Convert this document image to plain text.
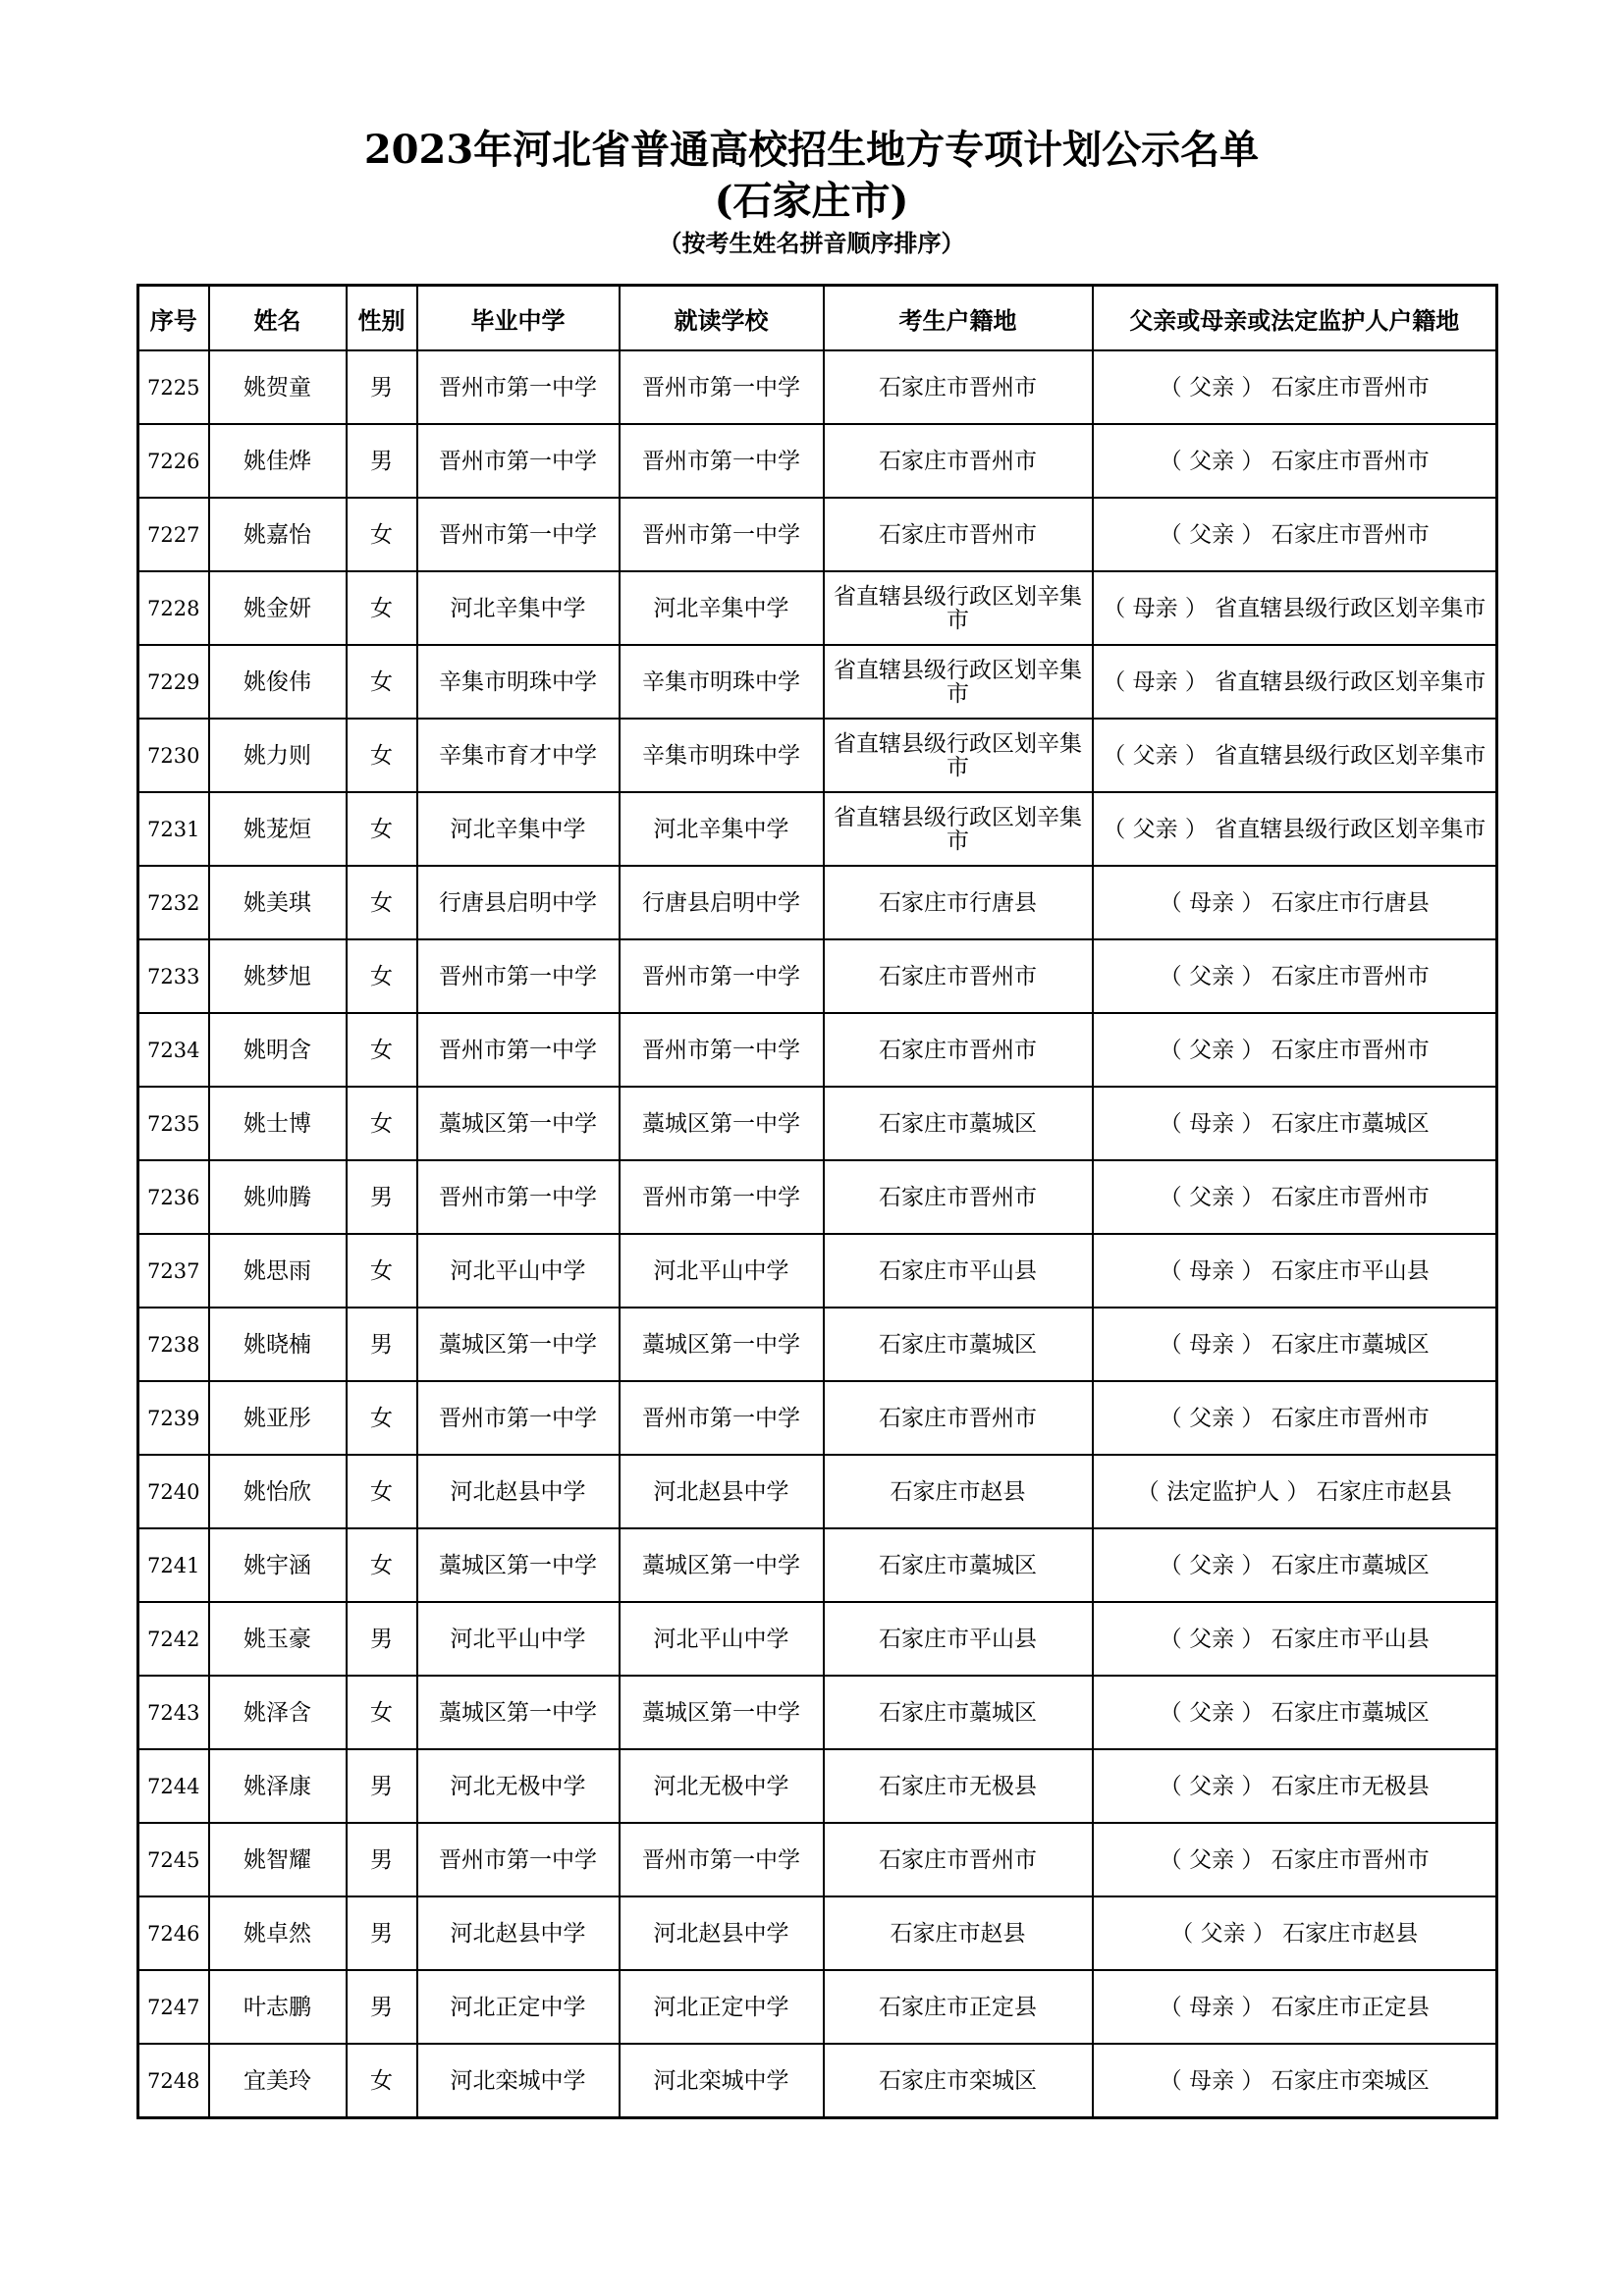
2023年河北省普通高校招生地方专项计划公示名单
(石家庄市)
（按考生姓名拼音顺序排序）
序号	姓名	性别	毕业中学	就读学校	考生户籍地	父亲或母亲或法定监护人户籍地
7225	姚贺童	男	晋州市第一中学	晋州市第一中学	石家庄市晋州市	（ 父亲 ） 石家庄市晋州市
7226	姚佳烨	男	晋州市第一中学	晋州市第一中学	石家庄市晋州市	（ 父亲 ） 石家庄市晋州市
7227	姚嘉怡	女	晋州市第一中学	晋州市第一中学	石家庄市晋州市	（ 父亲 ） 石家庄市晋州市
7228	姚金妍	女	河北辛集中学	河北辛集中学	省直辖县级行政区划辛集市	（ 母亲 ） 省直辖县级行政区划辛集市
7229	姚俊伟	女	辛集市明珠中学	辛集市明珠中学	省直辖县级行政区划辛集市	（ 母亲 ） 省直辖县级行政区划辛集市
7230	姚力则	女	辛集市育才中学	辛集市明珠中学	省直辖县级行政区划辛集市	（ 父亲 ） 省直辖县级行政区划辛集市
7231	姚茏烜	女	河北辛集中学	河北辛集中学	省直辖县级行政区划辛集市	（ 父亲 ） 省直辖县级行政区划辛集市
7232	姚美琪	女	行唐县启明中学	行唐县启明中学	石家庄市行唐县	（ 母亲 ） 石家庄市行唐县
7233	姚梦旭	女	晋州市第一中学	晋州市第一中学	石家庄市晋州市	（ 父亲 ） 石家庄市晋州市
7234	姚明含	女	晋州市第一中学	晋州市第一中学	石家庄市晋州市	（ 父亲 ） 石家庄市晋州市
7235	姚士博	女	藁城区第一中学	藁城区第一中学	石家庄市藁城区	（ 母亲 ） 石家庄市藁城区
7236	姚帅腾	男	晋州市第一中学	晋州市第一中学	石家庄市晋州市	（ 父亲 ） 石家庄市晋州市
7237	姚思雨	女	河北平山中学	河北平山中学	石家庄市平山县	（ 母亲 ） 石家庄市平山县
7238	姚晓楠	男	藁城区第一中学	藁城区第一中学	石家庄市藁城区	（ 母亲 ） 石家庄市藁城区
7239	姚亚彤	女	晋州市第一中学	晋州市第一中学	石家庄市晋州市	（ 父亲 ） 石家庄市晋州市
7240	姚怡欣	女	河北赵县中学	河北赵县中学	石家庄市赵县	（ 法定监护人 ） 石家庄市赵县
7241	姚宇涵	女	藁城区第一中学	藁城区第一中学	石家庄市藁城区	（ 父亲 ） 石家庄市藁城区
7242	姚玉豪	男	河北平山中学	河北平山中学	石家庄市平山县	（ 父亲 ） 石家庄市平山县
7243	姚泽含	女	藁城区第一中学	藁城区第一中学	石家庄市藁城区	（ 父亲 ） 石家庄市藁城区
7244	姚泽康	男	河北无极中学	河北无极中学	石家庄市无极县	（ 父亲 ） 石家庄市无极县
7245	姚智耀	男	晋州市第一中学	晋州市第一中学	石家庄市晋州市	（ 父亲 ） 石家庄市晋州市
7246	姚卓然	男	河北赵县中学	河北赵县中学	石家庄市赵县	（ 父亲 ） 石家庄市赵县
7247	叶志鹏	男	河北正定中学	河北正定中学	石家庄市正定县	（ 母亲 ） 石家庄市正定县
7248	宜美玲	女	河北栾城中学	河北栾城中学	石家庄市栾城区	（ 母亲 ） 石家庄市栾城区
